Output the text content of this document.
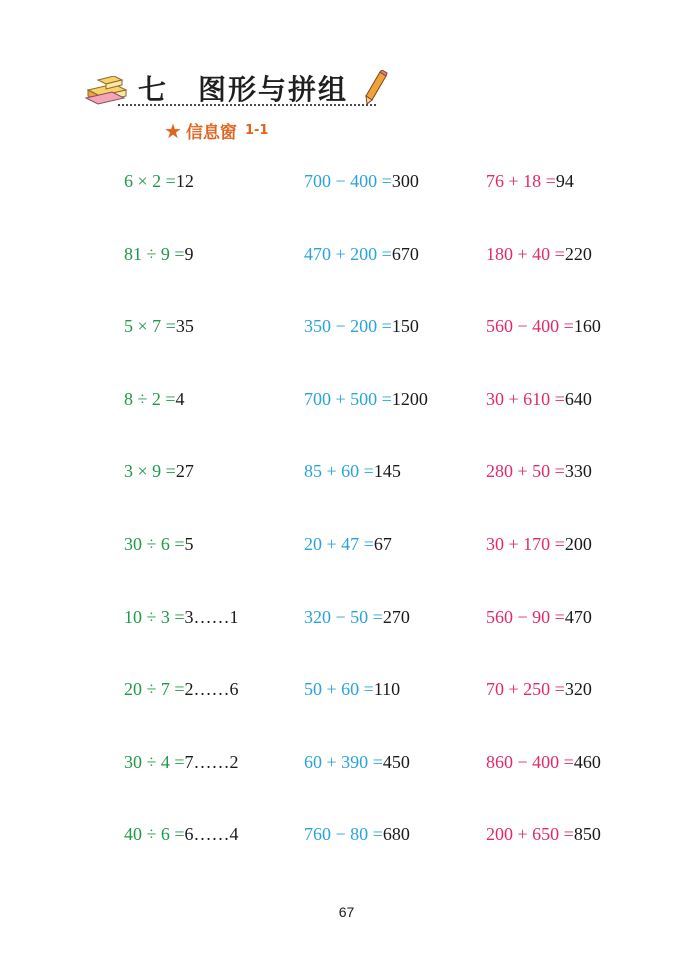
七 图形与拼组
★ 信息窗 1-1
6 × 2 =12
81 ÷ 9 =9
5 × 7 =35
8 ÷ 2 =4
3 × 9 =27
30 ÷ 6 =5
10 ÷ 3 =3……1
20 ÷ 7 =2……6
30 ÷ 4 =7……2
40 ÷ 6 =6……4
700 − 400 =300
470 + 200 =670
350 − 200 =150
700 + 500 =1200
85 + 60 =145
20 + 47 =67
320 − 50 =270
50 + 60 =110
60 + 390 =450
760 − 80 =680
76 + 18 =94
180 + 40 =220
560 − 400 =160
30 + 610 =640
280 + 50 =330
30 + 170 =200
560 − 90 =470
70 + 250 =320
860 − 400 =460
200 + 650 =850
67
